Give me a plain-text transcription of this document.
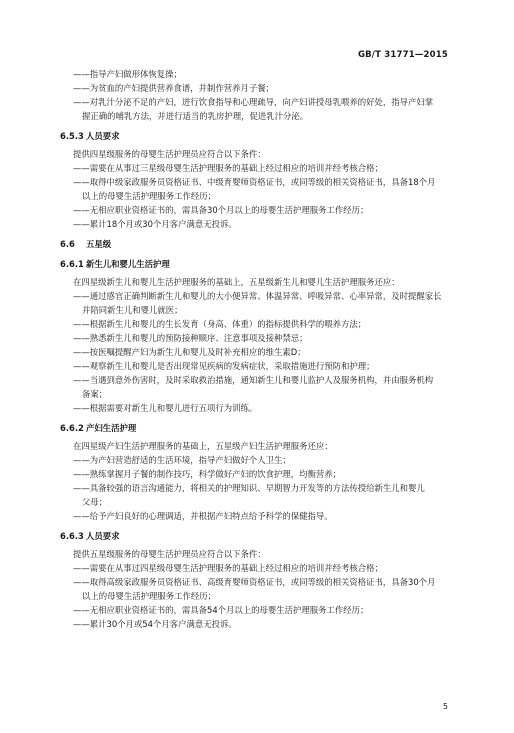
GB/T 31771—2015
——指导产妇做形体恢复操；
——为贫血的产妇提供营养食谱，并制作营养月子餐；
——对乳汁分泌不足的产妇，进行饮食指导和心理疏导，向产妇讲授母乳喂养的好处，指导产妇掌
握正确的哺乳方法，并进行适当的乳房护理，促进乳汁分泌。
6.5.3 人员要求
提供四星级服务的母婴生活护理员应符合以下条件：
——需要在从事过三星级母婴生活护理服务的基础上经过相应的培训并经考核合格；
——取得中级家政服务员资格证书、中级育婴师资格证书，或同等级的相关资格证书，具备18个月
以上的母婴生活护理服务工作经历；
——无相应职业资格证书的，需具备30个月以上的母婴生活护理服务工作经历；
——累计18个月或30个月客户满意无投诉。
6.6 五星级
6.6.1 新生儿和婴儿生活护理
在四星级新生儿和婴儿生活护理服务的基础上，五星级新生儿和婴儿生活护理服务还应：
——通过感官正确判断新生儿和婴儿的大小便异常、体温异常、呼吸异常、心率异常，及时提醒家长
并陪同新生儿和婴儿就医；
——根据新生儿和婴儿的生长发育（身高、体重）的指标提供科学的喂养方法；
——熟悉新生儿和婴儿的预防接种顺序、注意事项及接种禁忌；
——按医嘱提醒产妇为新生儿和婴儿及时补充相应的维生素D；
——观察新生儿和婴儿是否出现常见疾病的发病症状，采取措施进行预防和护理；
——当遇到意外伤害时，及时采取救治措施，通知新生儿和婴儿监护人及服务机构，并由服务机构
备案；
——根据需要对新生儿和婴儿进行五项行为训练。
6.6.2 产妇生活护理
在四星级产妇生活护理服务的基础上，五星级产妇生活护理服务还应：
——为产妇营造舒适的生活环境，指导产妇做好个人卫生；
——熟练掌握月子餐的制作技巧，科学做好产妇的饮食护理，均衡营养；
——具备较强的语言沟通能力，将相关的护理知识、早期智力开发等的方法传授给新生儿和婴儿
父母；
——给予产妇良好的心理调适，并根据产妇特点给予科学的保健指导。
6.6.3 人员要求
提供五星级服务的母婴生活护理员应符合以下条件：
——需要在从事过四星级母婴生活护理服务的基础上经过相应的培训并经考核合格；
——取得高级家政服务员资格证书、高级育婴师资格证书，或同等级的相关资格证书，具备30个月
以上的母婴生活护理服务工作经历；
——无相应职业资格证书的，需具备54个月以上的母婴生活护理服务工作经历；
——累计30个月或54个月客户满意无投诉。
5
